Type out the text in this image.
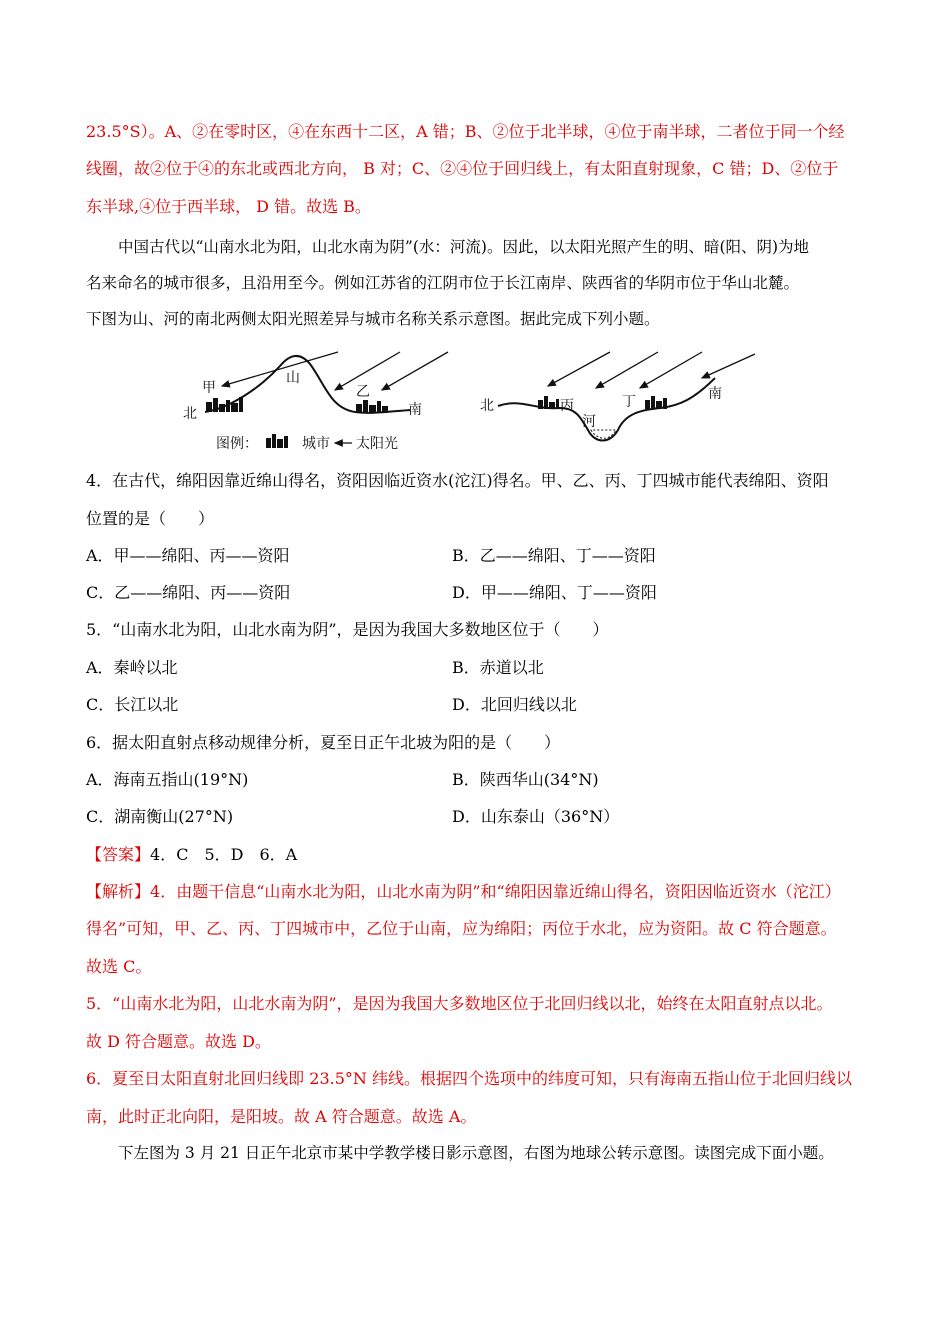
23.5°S）。A、②在零时区，④在东西十二区，A 错；B、②位于北半球，④位于南半球，二者位于同一个经
线圈，故②位于④的东北或西北方向， B 对；C、②④位于回归线上，有太阳直射现象，C 错；D、②位于
东半球,④位于西半球， D 错。故选 B。
中国古代以“山南水北为阳，山北水南为阴”(水：河流)。因此，以太阳光照产生的明、暗(阳、阴)为地
名来命名的城市很多，且沿用至今。例如江苏省的江阴市位于长江南岸、陕西省的华阴市位于华山北麓。
下图为山、河的南北两侧太阳光照差异与城市名称关系示意图。据此完成下列小题。
甲
北
山
乙
南	北	丙
河
丁	南
图例：	城市 太阳光
4．在古代，绵阳因靠近绵山得名，资阳因临近资水(沱江)得名。甲、乙、丙、丁四城市能代表绵阳、资阳
位置的是（　　）
A．甲——绵阳、丙——资阳	B．乙——绵阳、丁——资阳
C．乙——绵阳、丙——资阳	D．甲——绵阳、丁——资阳
5．“山南水北为阳，山北水南为阴”，是因为我国大多数地区位于（　　）
A．秦岭以北	B．赤道以北
C．长江以北	D．北回归线以北
6．据太阳直射点移动规律分析，夏至日正午北坡为阳的是（　　）
A．海南五指山(19°N)	B．陕西华山(34°N)
C．湖南衡山(27°N)	D．山东泰山（36°N）
【答案】4．C　5．D　6．A
【解析】4．由题干信息“山南水北为阳，山北水南为阴”和“绵阳因靠近绵山得名，资阳因临近资水（沱江）
得名”可知，甲、乙、丙、丁四城市中，乙位于山南，应为绵阳；丙位于水北，应为资阳。故 C 符合题意。
故选 C。
5．“山南水北为阳，山北水南为阴”，是因为我国大多数地区位于北回归线以北，始终在太阳直射点以北。
故 D 符合题意。故选 D。
6．夏至日太阳直射北回归线即 23.5°N 纬线。根据四个选项中的纬度可知，只有海南五指山位于北回归线以
南，此时正北向阳，是阳坡。故 A 符合题意。故选 A。
下左图为 3 月 21 日正午北京市某中学教学楼日影示意图，右图为地球公转示意图。读图完成下面小题。
